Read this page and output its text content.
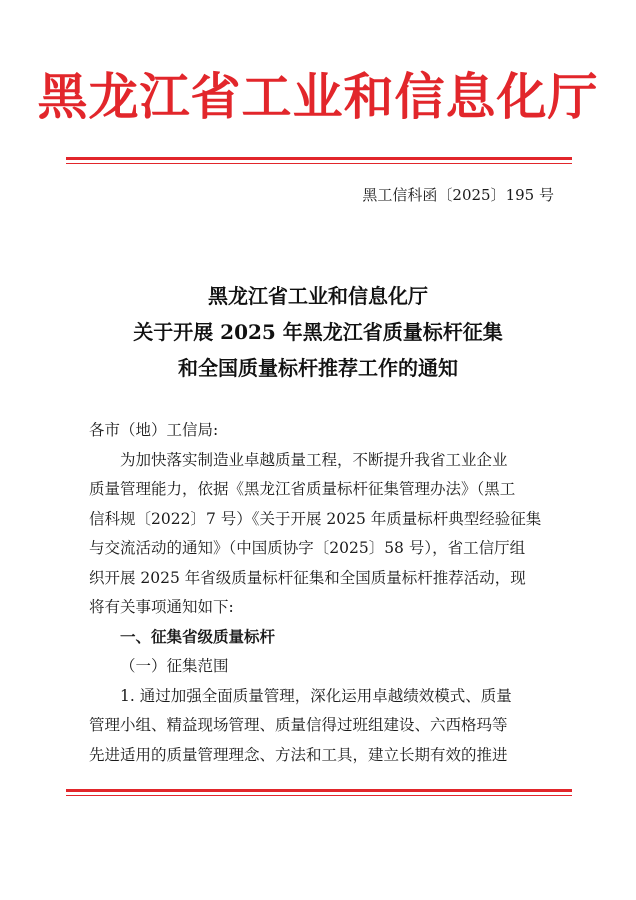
黑龙江省工业和信息化厅
黑工信科函〔2025〕195 号
黑龙江省工业和信息化厅
关于开展 2025 年黑龙江省质量标杆征集
和全国质量标杆推荐工作的通知

各市（地）工信局:

为加快落实制造业卓越质量工程，不断提升我省工业企业

质量管理能力，依据《黑龙江省质量标杆征集管理办法》（黑工

信科规〔2022〕7 号）《关于开展 2025 年质量标杆典型经验征集

与交流活动的通知》（中国质协字〔2025〕58 号），省工信厅组

织开展 2025 年省级质量标杆征集和全国质量标杆推荐活动，现

将有关事项通知如下:

一、征集省级质量标杆

（一）征集范围

1. 通过加强全面质量管理，深化运用卓越绩效模式、质量

管理小组、精益现场管理、质量信得过班组建设、六西格玛等

先进适用的质量管理理念、方法和工具，建立长期有效的推进
